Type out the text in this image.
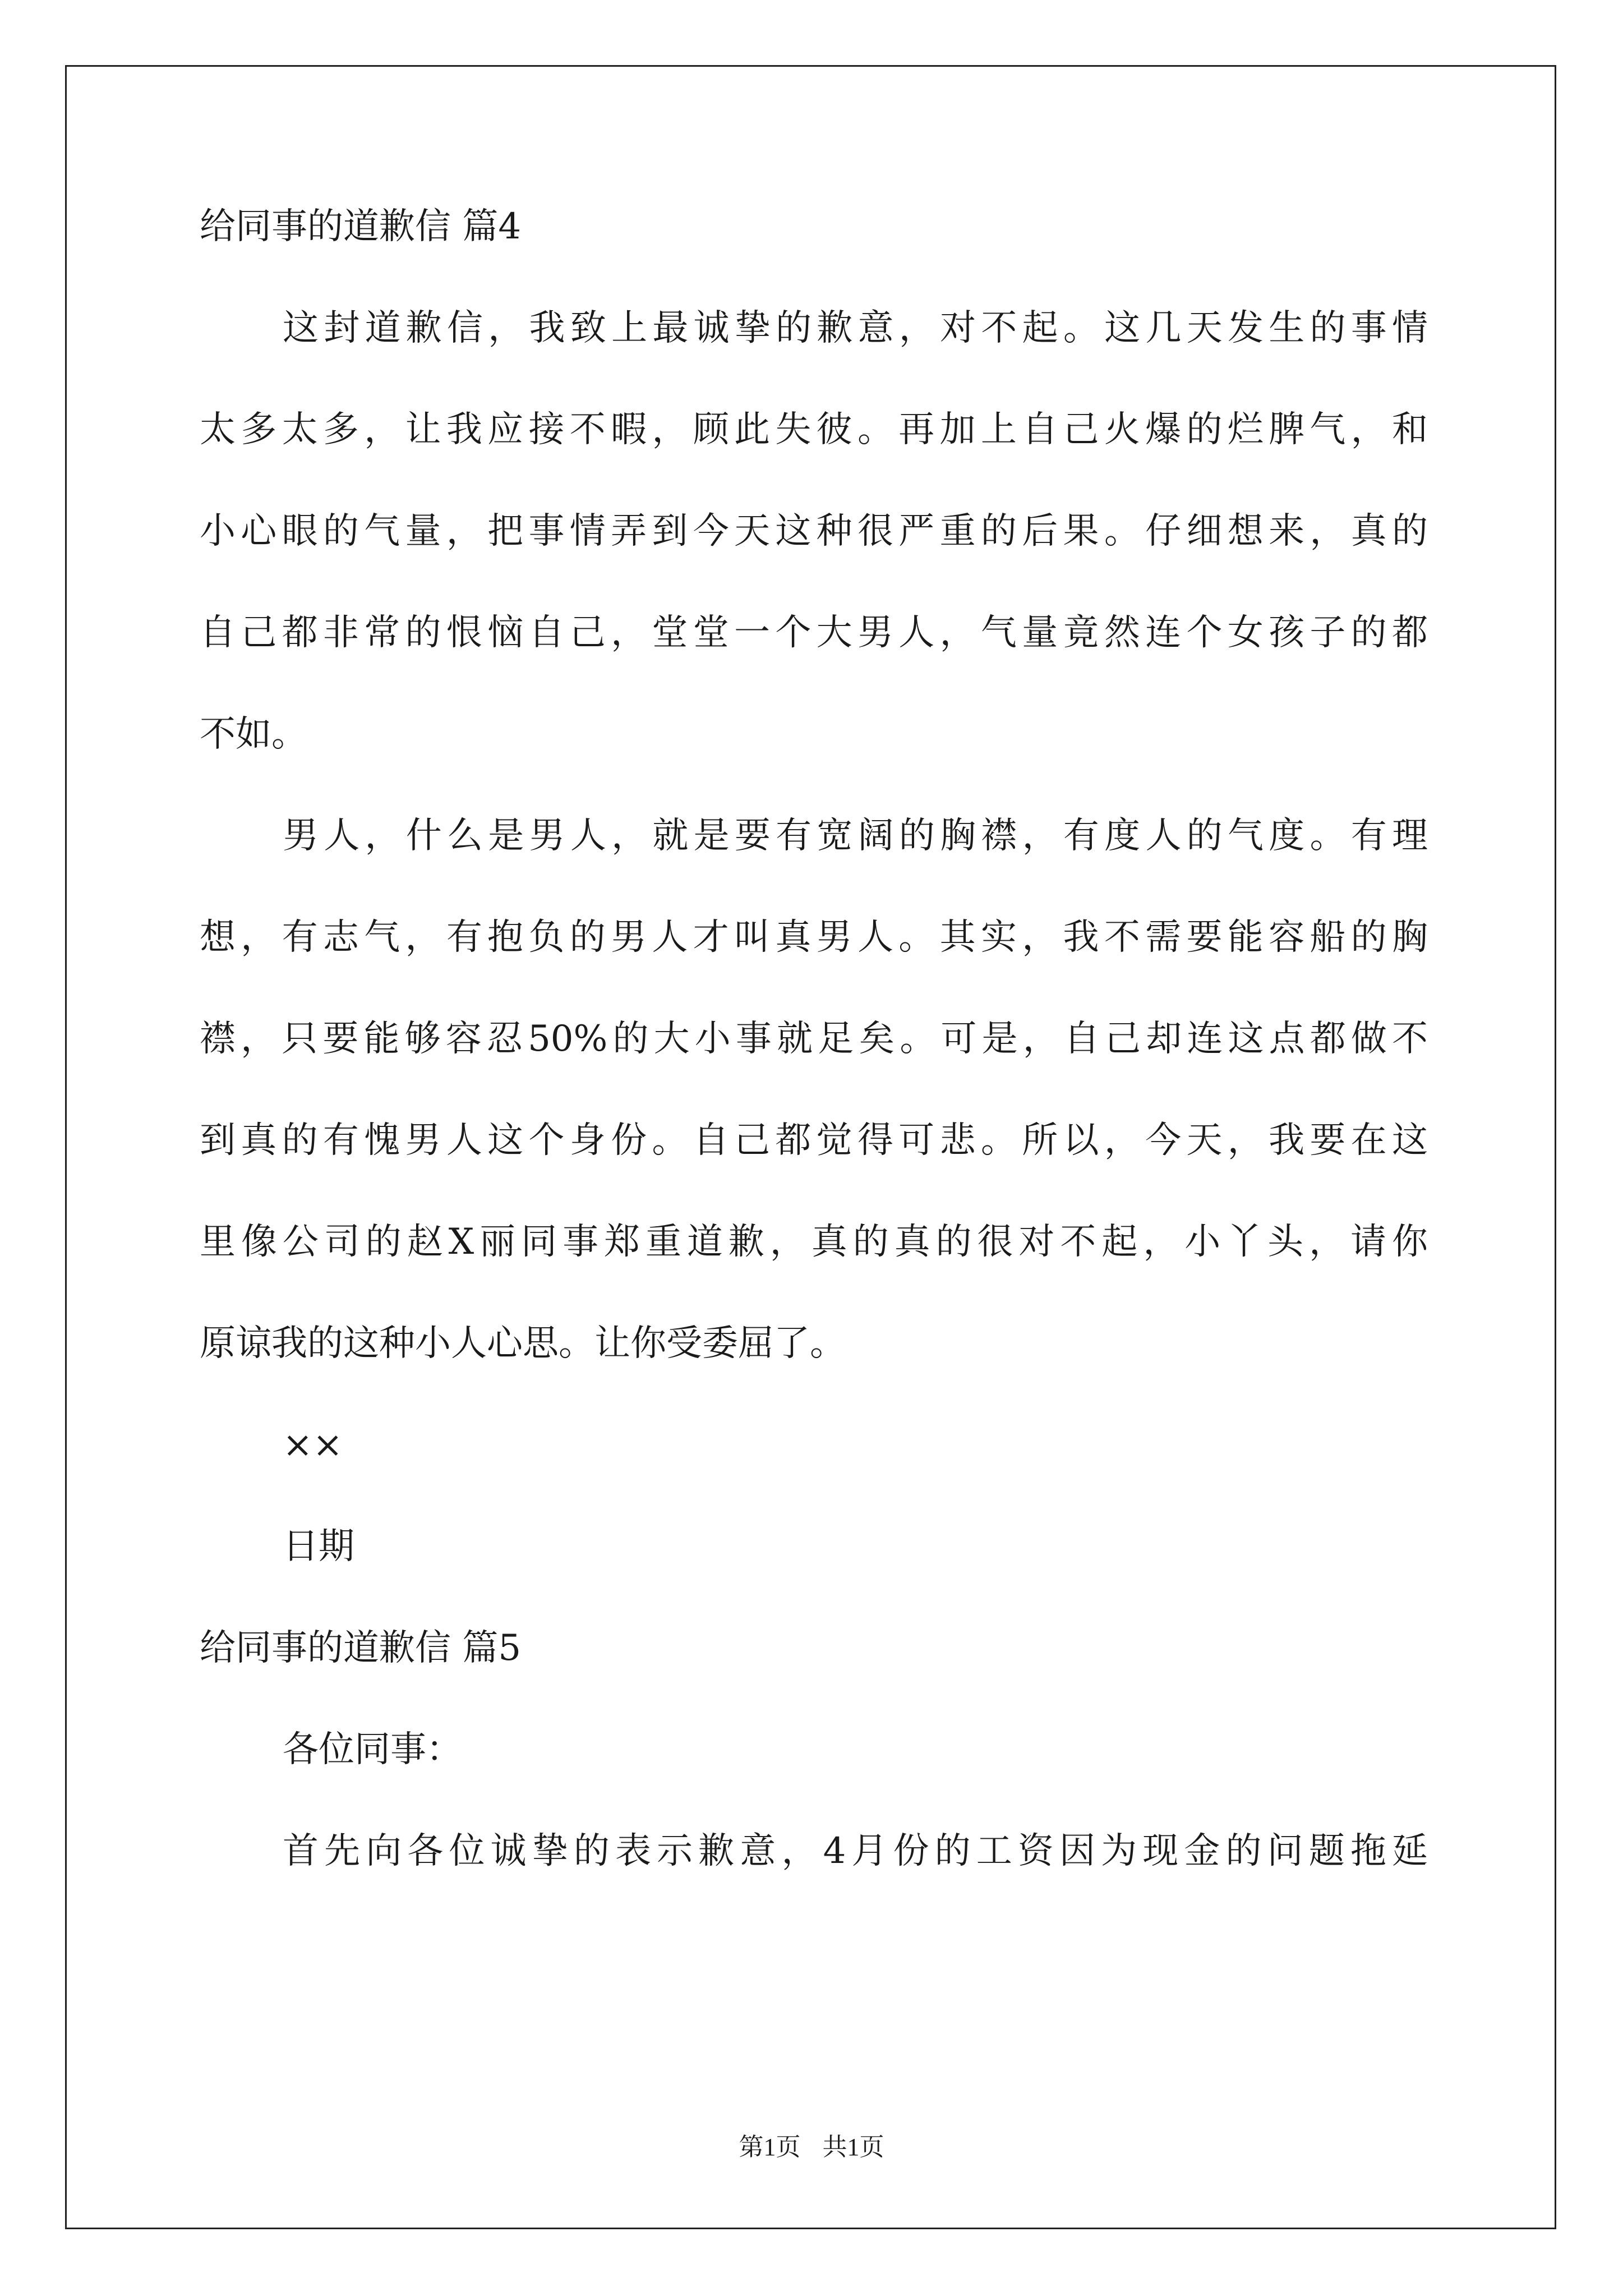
给同事的道歉信 篇4
这封道歉信，我致上最诚挚的歉意，对不起。这几天发生的事情
太多太多，让我应接不暇，顾此失彼。再加上自己火爆的烂脾气，和
小心眼的气量，把事情弄到今天这种很严重的后果。仔细想来，真的
自己都非常的恨恼自己，堂堂一个大男人，气量竟然连个女孩子的都
不如。
男人，什么是男人，就是要有宽阔的胸襟，有度人的气度。有理
想，有志气，有抱负的男人才叫真男人。其实，我不需要能容船的胸
襟，只要能够容忍50%的大小事就足矣。可是，自己却连这点都做不
到真的有愧男人这个身份。自己都觉得可悲。所以，今天，我要在这
里像公司的赵X丽同事郑重道歉，真的真的很对不起，小丫头，请你
原谅我的这种小人心思。让你受委屈了。
××
日期
给同事的道歉信 篇5
各位同事：
首先向各位诚挚的表示歉意，4月份的工资因为现金的问题拖延
第1页 共1页
